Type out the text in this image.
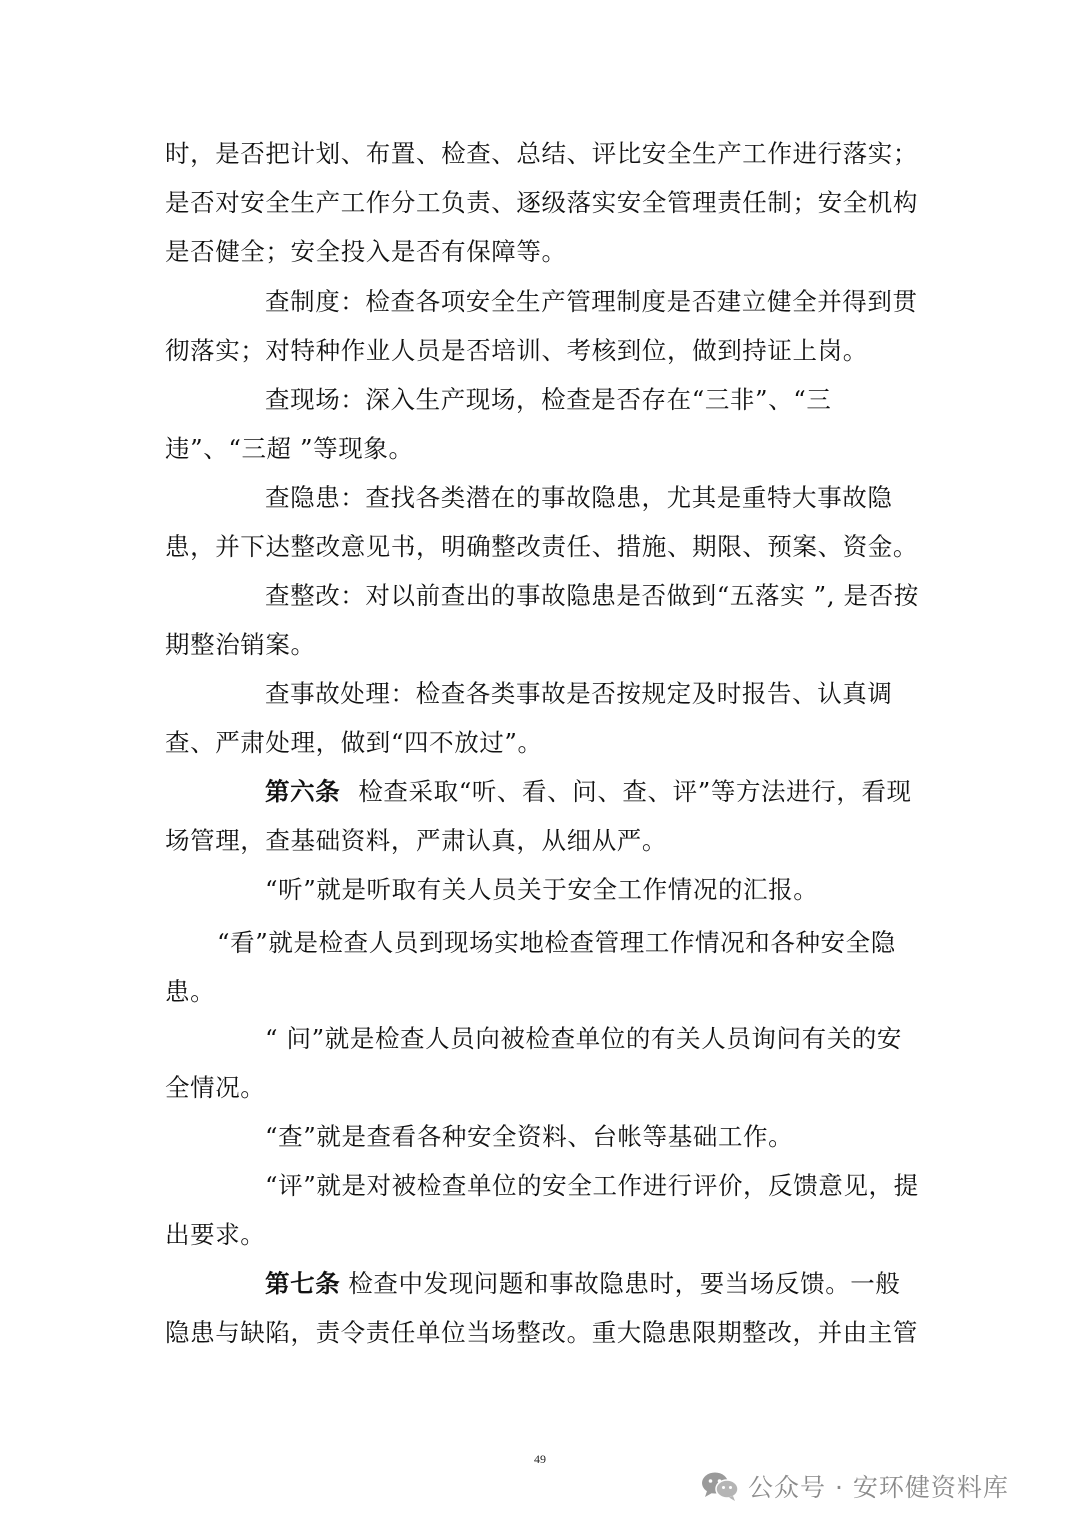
时，是否把计划、布置、检查、总结、评比安全生产工作进行落实；是否对安全生产工作分工负责、逐级落实安全管理责任制；安全机构是否健全；安全投入是否有保障等。

查制度：检查各项安全生产管理制度是否建立健全并得到贯彻落实；对特种作业人员是否培训、考核到位，做到持证上岗。

查现场：深入生产现场，检查是否存在“三非”、“三违”、“三超 ”等现象。

查隐患：查找各类潜在的事故隐患，尤其是重特大事故隐患，并下达整改意见书，明确整改责任、措施、期限、预案、资金。

查整改：对以前查出的事故隐患是否做到“五落实 ”, 是否按期整治销案。

查事故处理：检查各类事故是否按规定及时报告、认真调查、严肃处理，做到“四不放过”。

第六条 检查采取“听、看、问、查、评”等方法进行，看现场管理，查基础资料，严肃认真，从细从严。

“听”就是听取有关人员关于安全工作情况的汇报。

“看”就是检查人员到现场实地检查管理工作情况和各种安全隐患。

“ 问”就是检查人员向被检查单位的有关人员询问有关的安全情况。

“查”就是查看各种安全资料、台帐等基础工作。

“评”就是对被检查单位的安全工作进行评价，反馈意见，提出要求。

第七条 检查中发现问题和事故隐患时，要当场反馈。一般隐患与缺陷，责令责任单位当场整改。重大隐患限期整改，并由主管

49
公众号 · 安环健资料库
